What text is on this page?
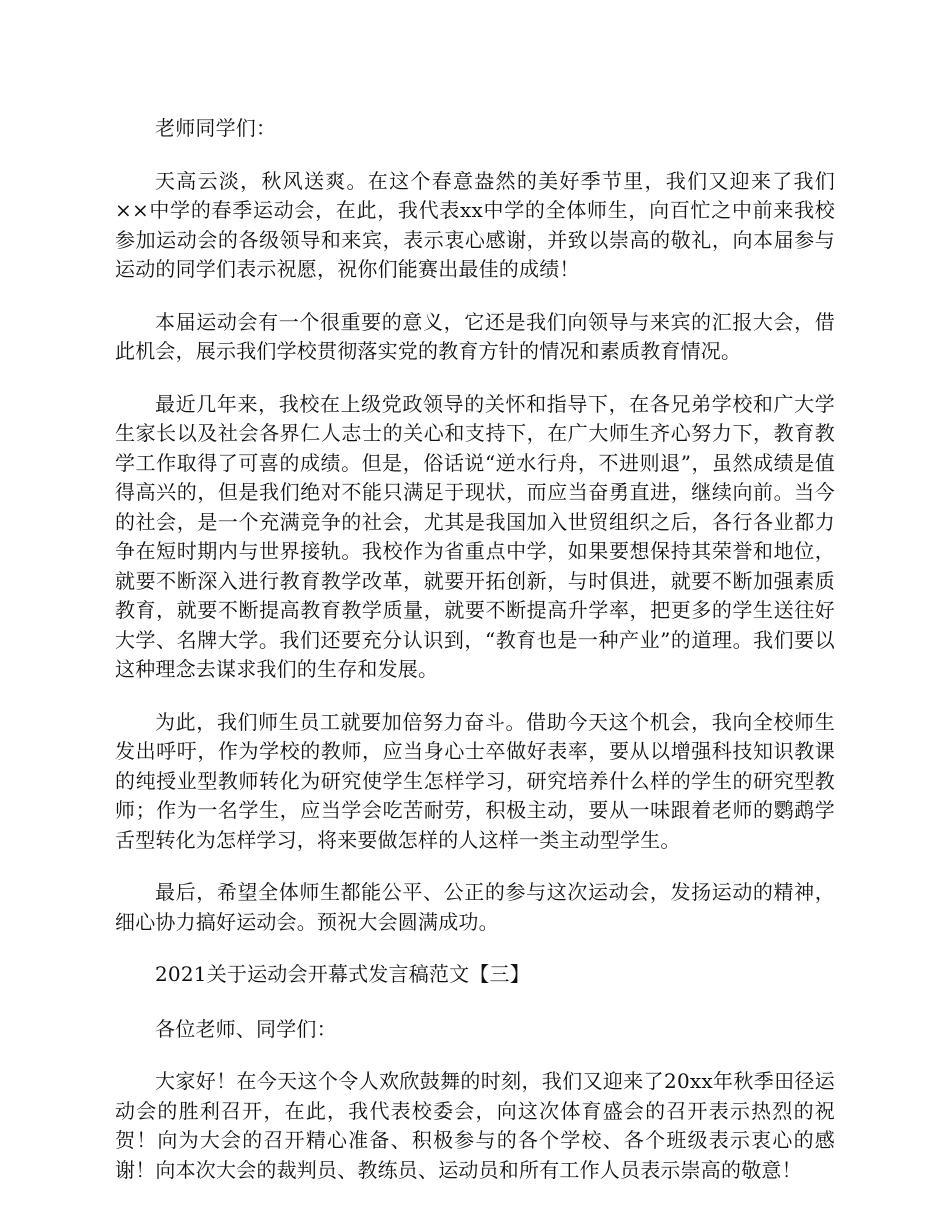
老师同学们：

天高云淡，秋风送爽。在这个春意盎然的美好季节里，我们又迎来了我们××中学的春季运动会，在此，我代表xx中学的全体师生，向百忙之中前来我校参加运动会的各级领导和来宾，表示衷心感谢，并致以崇高的敬礼，向本届参与运动的同学们表示祝愿，祝你们能赛出最佳的成绩！

本届运动会有一个很重要的意义，它还是我们向领导与来宾的汇报大会，借此机会，展示我们学校贯彻落实党的教育方针的情况和素质教育情况。

最近几年来，我校在上级党政领导的关怀和指导下，在各兄弟学校和广大学生家长以及社会各界仁人志士的关心和支持下，在广大师生齐心努力下，教育教学工作取得了可喜的成绩。但是，俗话说“逆水行舟，不进则退”，虽然成绩是值得高兴的，但是我们绝对不能只满足于现状，而应当奋勇直进，继续向前。当今的社会，是一个充满竞争的社会，尤其是我国加入世贸组织之后，各行各业都力争在短时期内与世界接轨。我校作为省重点中学，如果要想保持其荣誉和地位，就要不断深入进行教育教学改革，就要开拓创新，与时俱进，就要不断加强素质教育，就要不断提高教育教学质量，就要不断提高升学率，把更多的学生送往好大学、名牌大学。我们还要充分认识到，“教育也是一种产业”的道理。我们要以这种理念去谋求我们的生存和发展。

为此，我们师生员工就要加倍努力奋斗。借助今天这个机会，我向全校师生发出呼吁，作为学校的教师，应当身心士卒做好表率，要从以增强科技知识教课的纯授业型教师转化为研究使学生怎样学习，研究培养什么样的学生的研究型教师；作为一名学生，应当学会吃苦耐劳，积极主动，要从一味跟着老师的鹦鹉学舌型转化为怎样学习，将来要做怎样的人这样一类主动型学生。

最后，希望全体师生都能公平、公正的参与这次运动会，发扬运动的精神，细心协力搞好运动会。预祝大会圆满成功。

2021关于运动会开幕式发言稿范文【三】

各位老师、同学们：

大家好！在今天这个令人欢欣鼓舞的时刻，我们又迎来了20xx年秋季田径运动会的胜利召开，在此，我代表校委会，向这次体育盛会的召开表示热烈的祝贺！向为大会的召开精心准备、积极参与的各个学校、各个班级表示衷心的感谢！向本次大会的裁判员、教练员、运动员和所有工作人员表示崇高的敬意！
